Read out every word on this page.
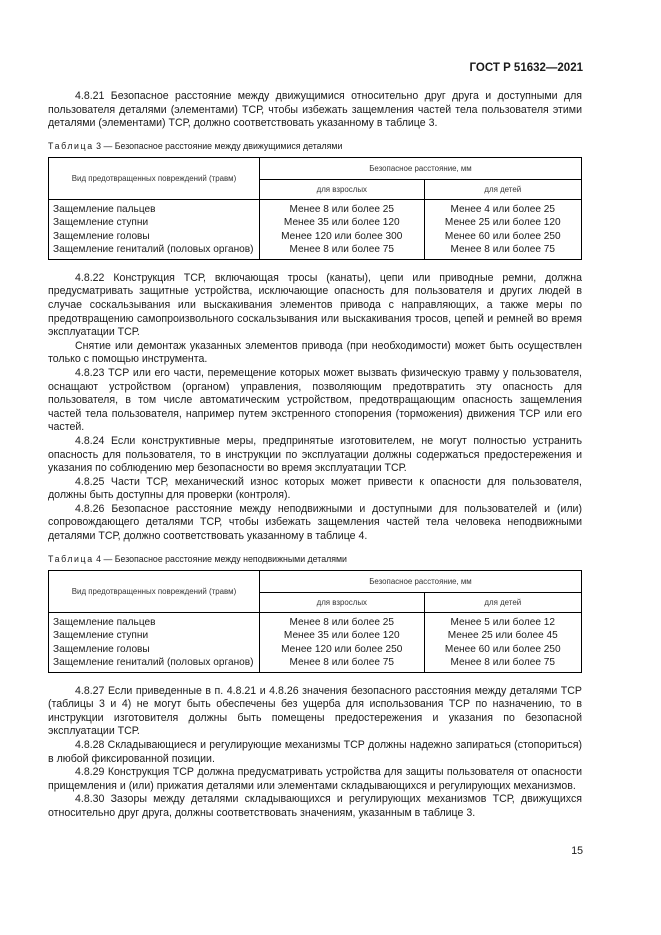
ГОСТ Р 51632—2021

4.8.21 Безопасное расстояние между движущимися относительно друг друга и доступными для пользователя деталями (элементами) ТСР, чтобы избежать защемления частей тела пользователя этими деталями (элементами) ТСР, должно соответствовать указанному в таблице 3.

Таблица 3 — Безопасное расстояние между движущимися деталями
Вид предотвращенных повреждений (травм)	Безопасное расстояние, мм	
	для взрослых	для детей
Защемление пальцев	Менее 8 или более 25	Менее 4 или более 25
Защемление ступни	Менее 35 или более 120	Менее 25 или более 120
Защемление головы	Менее 120 или более 300	Менее 60 или более 250
Защемление гениталий (половых органов)	Менее 8 или более 75	Менее 8 или более 75

4.8.22 Конструкция ТСР, включающая тросы (канаты), цепи или приводные ремни, должна предусматривать защитные устройства, исключающие опасность для пользователя и других людей в случае соскальзывания или выскакивания элементов привода с направляющих, а также меры по предотвращению самопроизвольного соскальзывания или выскакивания тросов, цепей и ремней во время эксплуатации ТСР.

Снятие или демонтаж указанных элементов привода (при необходимости) может быть осуществлен только с помощью инструмента.

4.8.23 ТСР или его части, перемещение которых может вызвать физическую травму у пользователя, оснащают устройством (органом) управления, позволяющим предотвратить эту опасность для пользователя, в том числе автоматическим устройством, предотвращающим опасность защемления частей тела пользователя, например путем экстренного стопорения (торможения) движения ТСР или его частей.

4.8.24 Если конструктивные меры, предпринятые изготовителем, не могут полностью устранить опасность для пользователя, то в инструкции по эксплуатации должны содержаться предостережения и указания по соблюдению мер безопасности во время эксплуатации ТСР.

4.8.25 Части ТСР, механический износ которых может привести к опасности для пользователя, должны быть доступны для проверки (контроля).

4.8.26 Безопасное расстояние между неподвижными и доступными для пользователей и (или) сопровождающего деталями ТСР, чтобы избежать защемления частей тела человека неподвижными деталями ТСР, должно соответствовать указанному в таблице 4.

Таблица 4 — Безопасное расстояние между неподвижными деталями
Вид предотвращенных повреждений (травм)	Безопасное расстояние, мм	
	для взрослых	для детей
Защемление пальцев	Менее 8 или более 25	Менее 5 или более 12
Защемление ступни	Менее 35 или более 120	Менее 25 или более 45
Защемление головы	Менее 120 или более 250	Менее 60 или более 250
Защемление гениталий (половых органов)	Менее 8 или более 75	Менее 8 или более 75

4.8.27 Если приведенные в п. 4.8.21 и 4.8.26 значения безопасного расстояния между деталями ТСР (таблицы 3 и 4) не могут быть обеспечены без ущерба для использования ТСР по назначению, то в инструкции изготовителя должны быть помещены предостережения и указания по безопасной эксплуатации ТСР.

4.8.28 Складывающиеся и регулирующие механизмы ТСР должны надежно запираться (стопориться) в любой фиксированной позиции.

4.8.29 Конструкция ТСР должна предусматривать устройства для защиты пользователя от опасности прищемления и (или) прижатия деталями или элементами складывающихся и регулирующих механизмов.

4.8.30 Зазоры между деталями складывающихся и регулирующих механизмов ТСР, движущихся относительно друг друга, должны соответствовать значениям, указанным в таблице 3.

15
